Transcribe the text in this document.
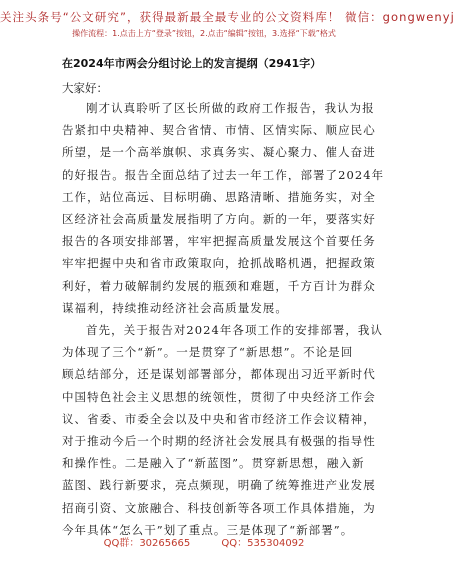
关注头条号“公文研究”，获得最新最全最专业的公文资料库！ 微信：gongwenyj
操作流程：1.点击上方“登录”按钮，2.点击“编辑”按钮，3.选择“下载”格式
在2024年市两会分组讨论上的发言提纲（2941字）
大家好：
刚才认真聆听了区长所做的政府工作报告，我认为报
告紧扣中央精神、契合省情、市情、区情实际、顺应民心
所望，是一个高举旗帜、求真务实、凝心聚力、催人奋进
的好报告。报告全面总结了过去一年工作，部署了2024年
工作，站位高远、目标明确、思路清晰、措施务实，对全
区经济社会高质量发展指明了方向。新的一年，要落实好
报告的各项安排部署，牢牢把握高质量发展这个首要任务
牢牢把握中央和省市政策取向，抢抓战略机遇，把握政策
利好，着力破解制约发展的瓶颈和难题，千方百计为群众
谋福利，持续推动经济社会高质量发展。
首先，关于报告对2024年各项工作的安排部署，我认
为体现了三个“新”。一是贯穿了“新思想”。不论是回
顾总结部分，还是谋划部署部分，都体现出习近平新时代
中国特色社会主义思想的统领性，贯彻了中央经济工作会
议、省委、市委全会以及中央和省市经济工作会议精神，
对于推动今后一个时期的经济社会发展具有极强的指导性
和操作性。二是融入了“新蓝图”。贯穿新思想，融入新
蓝图、践行新要求，亮点频现，明确了统筹推进产业发展
招商引资、文旅融合、科技创新等各项工作具体措施，为
今年具体“怎么干”划了重点。三是体现了“新部署”。
QQ群：30265665	QQ：535304092
